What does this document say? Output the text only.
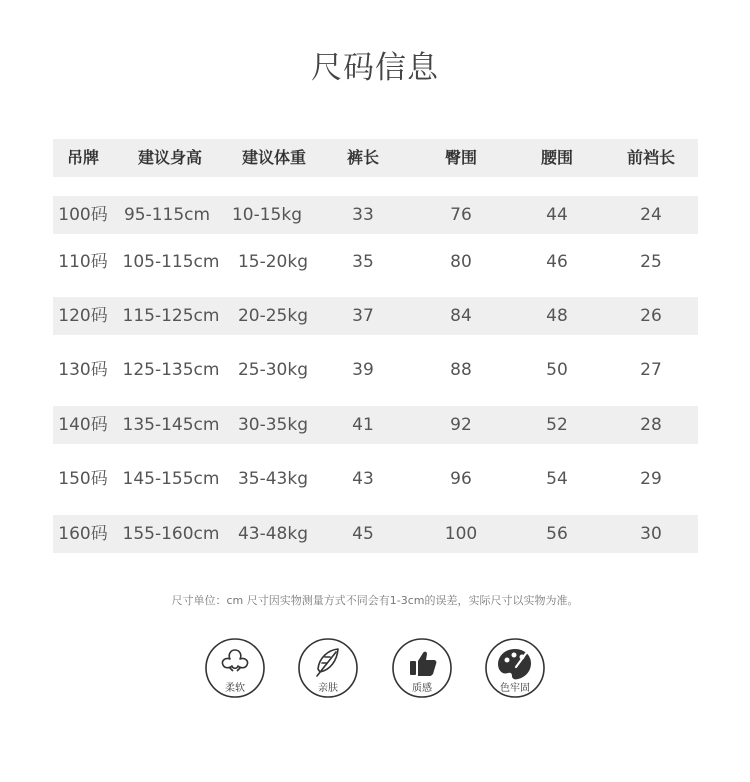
尺码信息
吊牌	建议身高	建议体重	裤长	臀围	腰围	前裆长
100码 95-115cm	10-15kg	33	76	44	24
110码 105-115cm 15-20kg	35	80	46	25
120码 115-125cm 20-25kg	37	84	48	26
130码 125-135cm 25-30kg	39	88	50	27
140码 135-145cm 30-35kg	41	92	52	28
150码 145-155cm 35-43kg	43	96	54	29
160码 155-160cm 43-48kg	45	100	56	30
尺寸单位：cm 尺寸因实物测量方式不同会有1-3cm的误差，实际尺寸以实物为准。
柔软	亲肤	质感	色牢固
